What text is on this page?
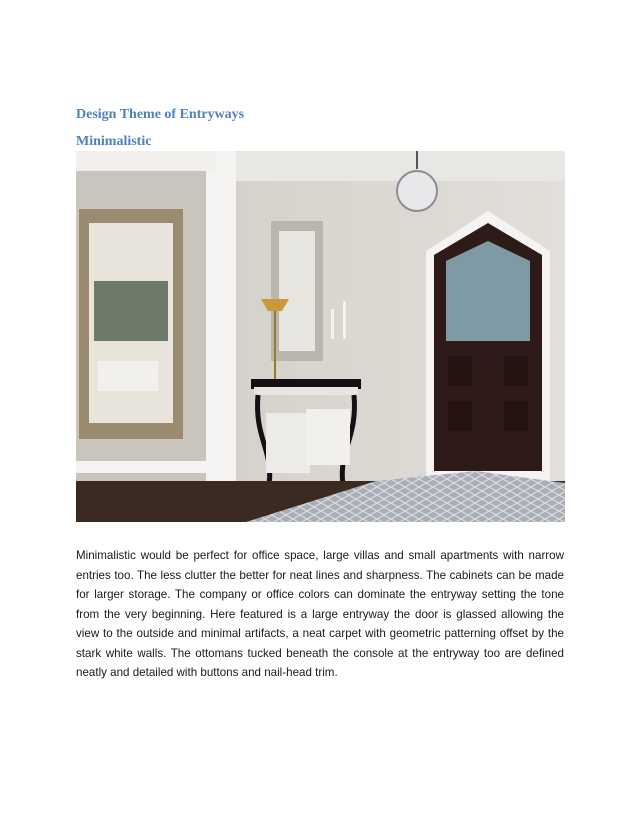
Design Theme of Entryways
Minimalistic

Minimalistic would be perfect for office space, large villas and small apartments with narrow entries too. The less clutter the better for neat lines and sharpness. The cabinets can be made for larger storage. The company or office colors can dominate the entryway setting the tone from the very beginning. Here featured is a large entryway the door is glassed allowing the view to the outside and minimal artifacts, a neat carpet with geometric patterning offset by the stark white walls. The ottomans tucked beneath the console at the entryway too are defined neatly and detailed with buttons and nail-head trim.
